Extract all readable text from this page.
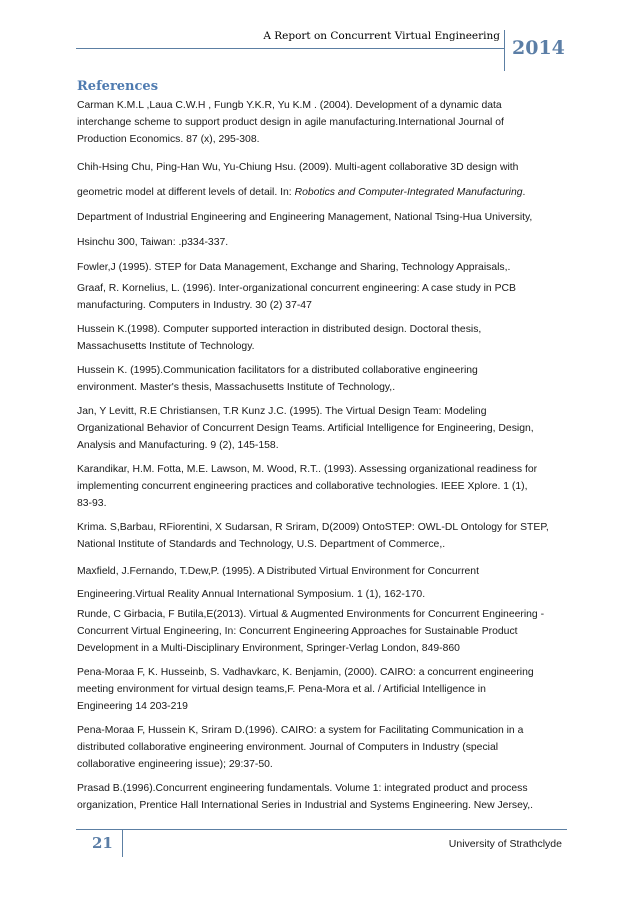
A Report on Concurrent Virtual Engineering
2014
References
Carman K.M.L ,Laua C.W.H , Fungb Y.K.R, Yu K.M . (2004). Development of a dynamic data
interchange scheme to support product design in agile manufacturing.International Journal of
Production Economics. 87 (x), 295-308.
Chih-Hsing Chu, Ping-Han Wu, Yu-Chiung Hsu. (2009). Multi-agent collaborative 3D design with
geometric model at different levels of detail. In: Robotics and Computer-Integrated Manufacturing.
Department of Industrial Engineering and Engineering Management, National Tsing-Hua University,
Hsinchu 300, Taiwan: .p334-337.
Fowler,J (1995). STEP for Data Management, Exchange and Sharing, Technology Appraisals,.
Graaf, R. Kornelius, L. (1996). Inter-organizational concurrent engineering: A case study in PCB
manufacturing. Computers in Industry. 30 (2) 37-47
Hussein K.(1998). Computer supported interaction in distributed design. Doctoral thesis,
Massachusetts Institute of Technology.
Hussein K. (1995).Communication facilitators for a distributed collaborative engineering
environment. Master's thesis, Massachusetts Institute of Technology,.
Jan, Y Levitt, R.E Christiansen, T.R Kunz J.C. (1995). The Virtual Design Team: Modeling
Organizational Behavior of Concurrent Design Teams. Artificial Intelligence for Engineering, Design,
Analysis and Manufacturing. 9 (2), 145-158.
Karandikar, H.M. Fotta, M.E. Lawson, M. Wood, R.T.. (1993). Assessing organizational readiness for
implementing concurrent engineering practices and collaborative technologies. IEEE Xplore. 1 (1),
83-93.
Krima. S,Barbau, RFiorentini, X Sudarsan, R Sriram, D(2009) OntoSTEP: OWL-DL Ontology for STEP,
National Institute of Standards and Technology, U.S. Department of Commerce,.
Maxfield, J.Fernando, T.Dew,P. (1995). A Distributed Virtual Environment for Concurrent
Engineering.Virtual Reality Annual International Symposium. 1 (1), 162-170.
Runde, C Girbacia, F Butila,E(2013). Virtual & Augmented Environments for Concurrent Engineering -
Concurrent Virtual Engineering, In: Concurrent Engineering Approaches for Sustainable Product
Development in a Multi-Disciplinary Environment, Springer-Verlag London, 849-860
Pena-Moraa F, K. Husseinb, S. Vadhavkarc, K. Benjamin, (2000). CAIRO: a concurrent engineering
meeting environment for virtual design teams,F. Pena-Mora et al. / Artificial Intelligence in
Engineering 14 203-219
Pena-Moraa F, Hussein K, Sriram D.(1996). CAIRO: a system for Facilitating Communication in a
distributed collaborative engineering environment. Journal of Computers in Industry (special
collaborative engineering issue); 29:37-50.
Prasad B.(1996).Concurrent engineering fundamentals. Volume 1: integrated product and process
organization, Prentice Hall International Series in Industrial and Systems Engineering. New Jersey,.
21	University of Strathclyde
